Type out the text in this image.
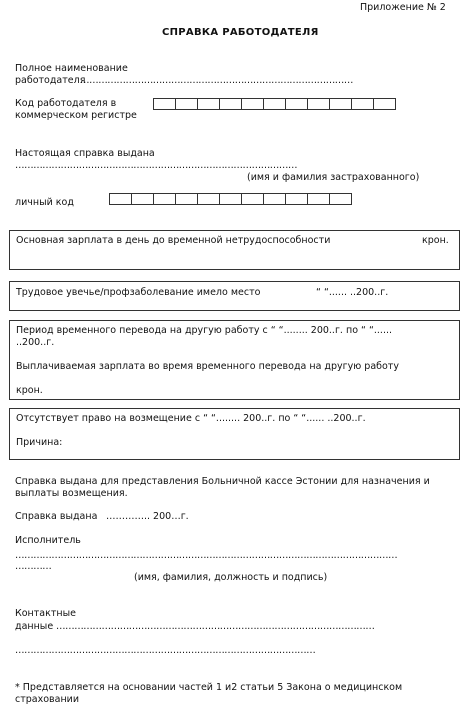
Приложение № 2
СПРАВКА РАБОТОДАТЕЛЯ
Полное наименование
работодателя
………………………………………………………………………………
Код работодателя в
коммерческом регистре
Настоящая справка выдана
…………………………………………………………………………………
(имя и фамилия застрахованного)
личный код
Основная зарплата в день до временной нетрудоспособности	крон.
Трудовое увечье/профзаболевание имело место	“ “...... ..200..г.
Период временного перевода на другую работу с “ “........ 200..г. по “ “......
..200..г.
Выплачиваемая зарплата во время временного перевода на другую работу
крон.
Отсутствует право на возмещение с “ “........ 200..г. по “ “...... ..200..г.
Причина:
Справка выдана для представления Больничной кассе Эстонии для назначения и выплаты возмещения.
Справка выдана ………….. 200…г.
Исполнитель
………………………………………………………………………………………………………………
…………
(имя, фамилия, должность и подпись)
Контактные
данные ……………………………………………………………………………………………
………………………………………………………………………………………
* Представляется на основании частей 1 и2 статьи 5 Закона о медицинском страховании
